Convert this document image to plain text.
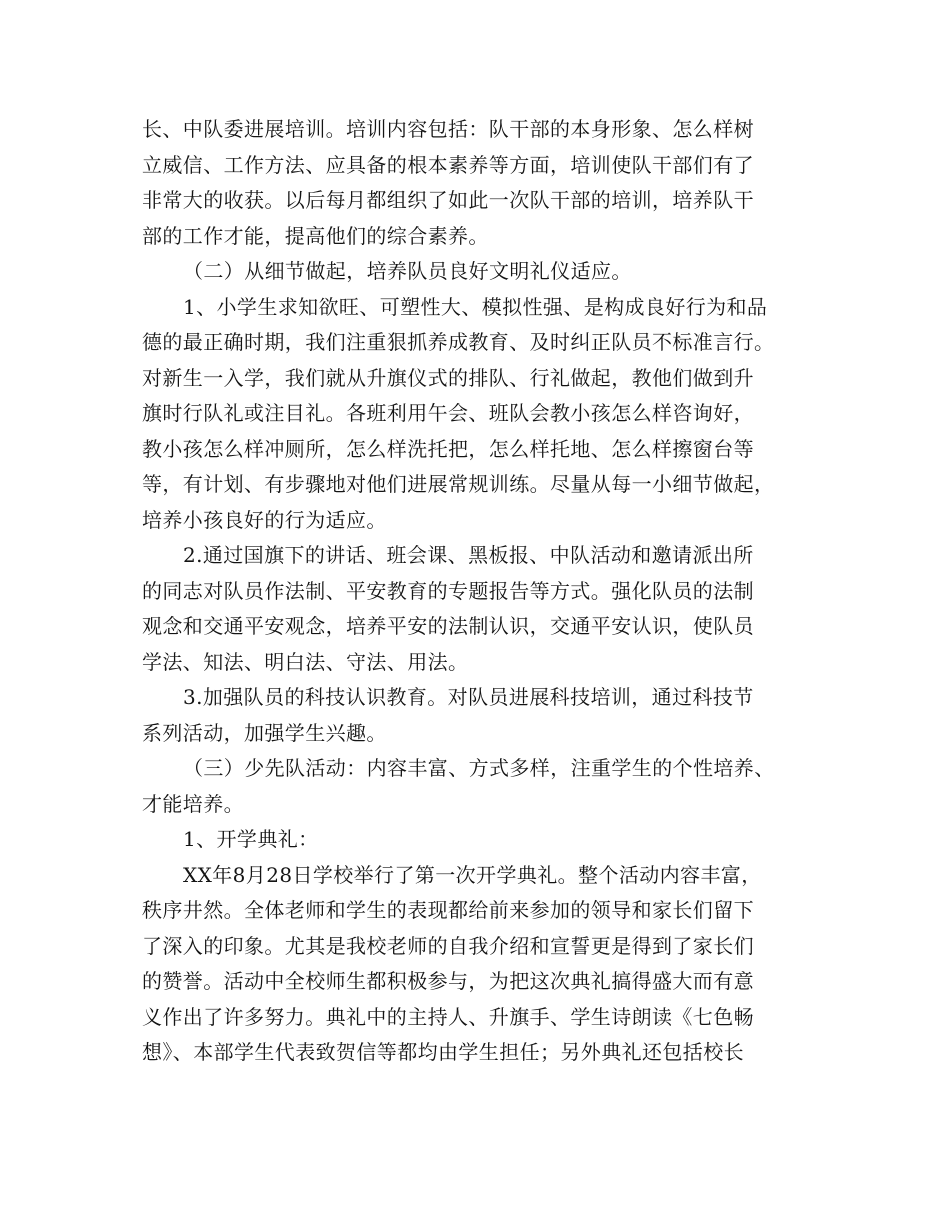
长、中队委进展培训。培训内容包括：队干部的本身形象、怎么样树
立威信、工作方法、应具备的根本素养等方面，培训使队干部们有了
非常大的收获。以后每月都组织了如此一次队干部的培训，培养队干
部的工作才能，提高他们的综合素养。
（二）从细节做起，培养队员良好文明礼仪适应。
1、小学生求知欲旺、可塑性大、模拟性强、是构成良好行为和品
德的最正确时期，我们注重狠抓养成教育、及时纠正队员不标准言行。
对新生一入学，我们就从升旗仪式的排队、行礼做起，教他们做到升
旗时行队礼或注目礼。各班利用午会、班队会教小孩怎么样咨询好，
教小孩怎么样冲厕所，怎么样洗托把，怎么样托地、怎么样擦窗台等
等，有计划、有步骤地对他们进展常规训练。尽量从每一小细节做起，
培养小孩良好的行为适应。
2.通过国旗下的讲话、班会课、黑板报、中队活动和邀请派出所
的同志对队员作法制、平安教育的专题报告等方式。强化队员的法制
观念和交通平安观念，培养平安的法制认识，交通平安认识，使队员
学法、知法、明白法、守法、用法。
3.加强队员的科技认识教育。对队员进展科技培训，通过科技节
系列活动，加强学生兴趣。
（三）少先队活动：内容丰富、方式多样，注重学生的个性培养、
才能培养。
1、开学典礼：
XX年8月28日学校举行了第一次开学典礼。整个活动内容丰富，
秩序井然。全体老师和学生的表现都给前来参加的领导和家长们留下
了深入的印象。尤其是我校老师的自我介绍和宣誓更是得到了家长们
的赞誉。活动中全校师生都积极参与，为把这次典礼搞得盛大而有意
义作出了许多努力。典礼中的主持人、升旗手、学生诗朗读《七色畅
想》、本部学生代表致贺信等都均由学生担任；另外典礼还包括校长
